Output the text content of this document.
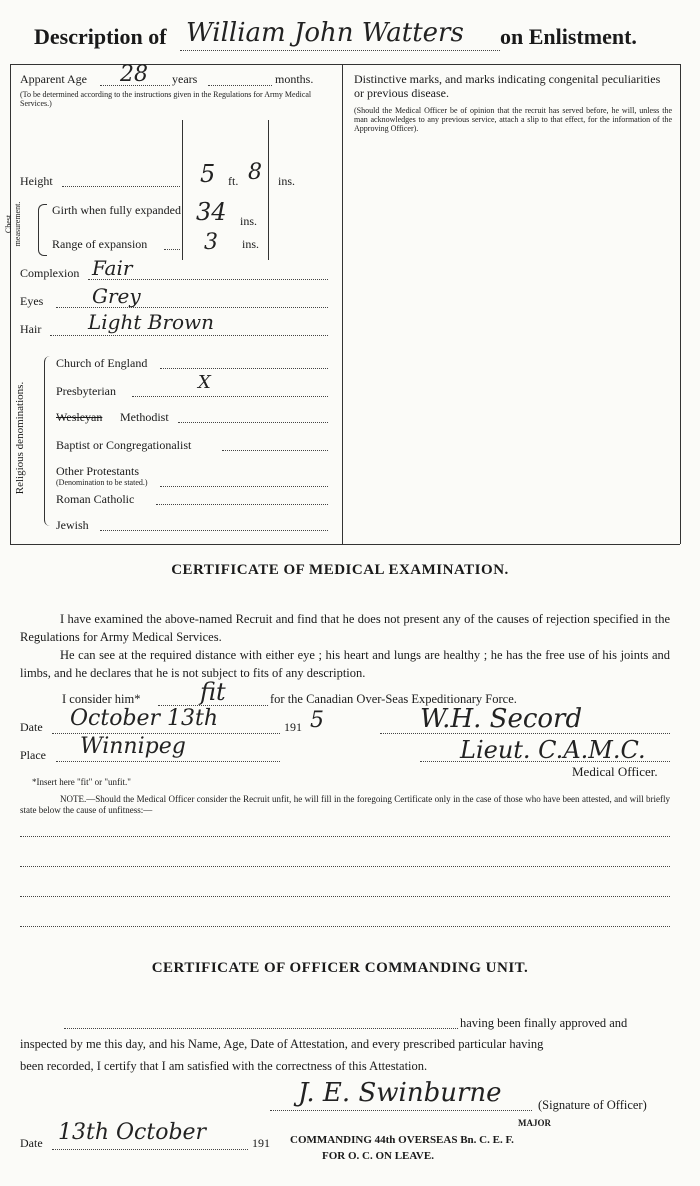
Description of William John Watters on Enlistment.
Apparent Age 28 years	months.
(To be determined according to the instructions given in the Regulations for Army Medical Services.)
Height	5 ft. 8 ins.
Chest measurement.	Girth when fully expanded 34 ins.
Range of expansion	3 ins.
Complexion Fair
Eyes Grey
Hair Light Brown
Religious denominations.
Church of England
Presbyterian	X
Wesleyan Methodist
Baptist or Congregationalist
Other Protestants
(Denomination to be stated.)
Roman Catholic
Jewish
Distinctive marks, and marks indicating congenital peculiarities or previous disease.
(Should the Medical Officer be of opinion that the recruit has served before, he will, unless the man acknowledges to any previous service, attach a slip to that effect, for the information of the Approving Officer).
CERTIFICATE OF MEDICAL EXAMINATION.
I have examined the above-named Recruit and find that he does not present any of the causes of rejection specified in the Regulations for Army Medical Services.
He can see at the required distance with either eye ; his heart and lungs are healthy ; he has the free use of his joints and limbs, and he declares that he is not subject to fits of any description.
I consider him* fit	for the Canadian Over-Seas Expeditionary Force.
Date October 13th	191 5	W.H. Secord
Place Winnipeg	Lieut. C.A.M.C.
Medical Officer.
*Insert here "fit" or "unfit."
NOTE.—Should the Medical Officer consider the Recruit unfit, he will fill in the foregoing Certificate only in the case of those who have been attested, and will briefly state below the cause of unfitness:—
CERTIFICATE OF OFFICER COMMANDING UNIT.
having been finally approved and
inspected by me this day, and his Name, Age, Date of Attestation, and every prescribed particular having
been recorded, I certify that I am satisfied with the correctness of this Attestation.
J. E. Swinburne	(Signature of Officer)
MAJOR
Date 13th October	191 COMMANDING 44th OVERSEAS Bn. C. E. F.
FOR O. C. ON LEAVE.
